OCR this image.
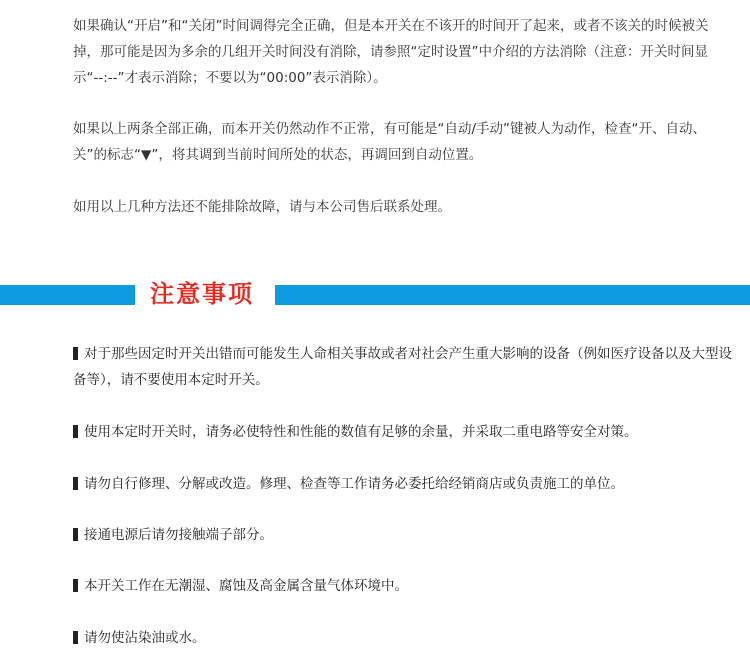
如果确认“开启”和“关闭”时间调得完全正确，但是本开关在不该开的时间开了起来，或者不该关的时候被关掉，那可能是因为多余的几组开关时间没有消除，请参照“定时设置”中介绍的方法消除（注意：开关时间显示“--:--”才表示消除；不要以为“00:00”表示消除）。

如果以上两条全部正确，而本开关仍然动作不正常，有可能是“自动/手动”键被人为动作，检查“开、自动、关”的标志“▼”，将其调到当前时间所处的状态，再调回到自动位置。

如用以上几种方法还不能排除故障，请与本公司售后联系处理。

注意事项

对于那些因定时开关出错而可能发生人命相关事故或者对社会产生重大影响的设备（例如医疗设备以及大型设备等），请不要使用本定时开关。

使用本定时开关时，请务必使特性和性能的数值有足够的余量，并采取二重电路等安全对策。

请勿自行修理、分解或改造。修理、检查等工作请务必委托给经销商店或负责施工的单位。

接通电源后请勿接触端子部分。

本开关工作在无潮湿、腐蚀及高金属含量气体环境中。

请勿使沾染油或水。
